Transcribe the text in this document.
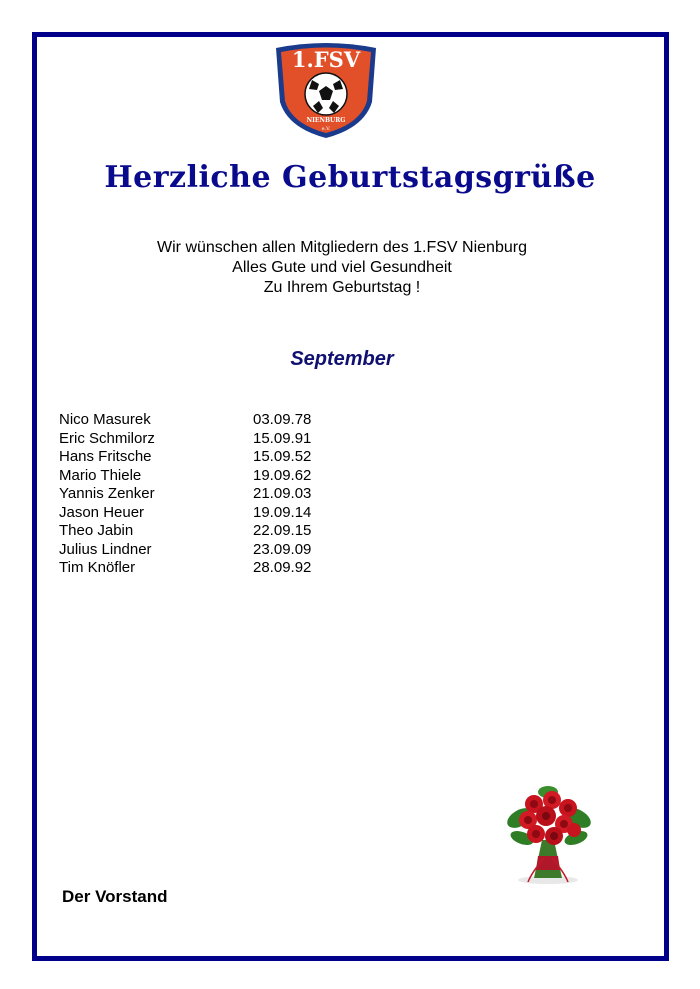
1.FSV
NIENBURG
e.V.
Herzliche Geburtstagsgrüße
Wir wünschen allen Mitgliedern des 1.FSV Nienburg
Alles Gute und viel Gesundheit
Zu Ihrem Geburtstag !
September
Nico Masurek	03.09.78
Eric Schmilorz	15.09.91
Hans Fritsche	15.09.52
Mario Thiele	19.09.62
Yannis Zenker	21.09.03
Jason Heuer	19.09.14
Theo Jabin	22.09.15
Julius Lindner	23.09.09
Tim Knöfler	28.09.92
Der Vorstand
